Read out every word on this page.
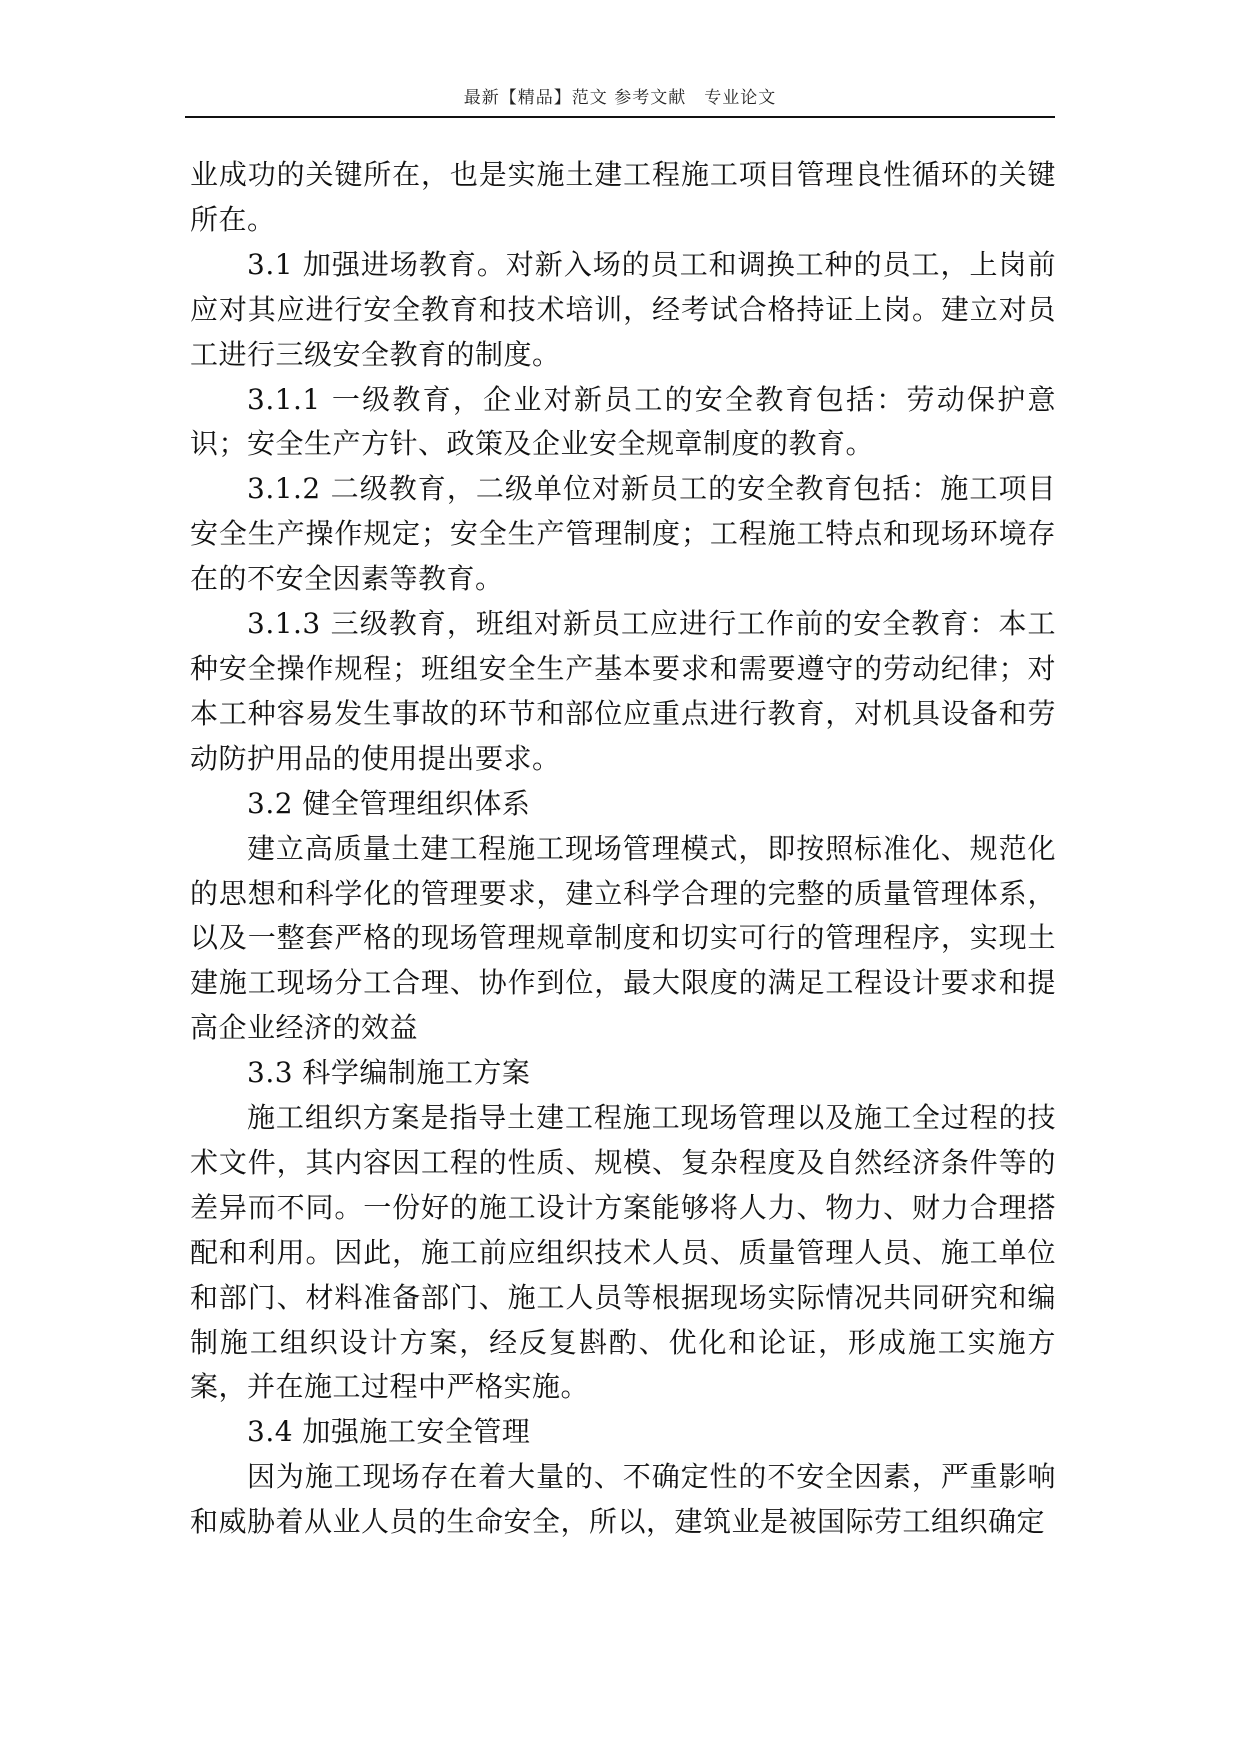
最新【精品】范文 参考文献　专业论文

业成功的关键所在，也是实施土建工程施工项目管理良性循环的关键所在。

3.1 加强进场教育。对新入场的员工和调换工种的员工，上岗前应对其应进行安全教育和技术培训，经考试合格持证上岗。建立对员工进行三级安全教育的制度。

3.1.1 一级教育，企业对新员工的安全教育包括：劳动保护意识；安全生产方针、政策及企业安全规章制度的教育。

3.1.2 二级教育，二级单位对新员工的安全教育包括：施工项目安全生产操作规定；安全生产管理制度；工程施工特点和现场环境存在的不安全因素等教育。

3.1.3 三级教育，班组对新员工应进行工作前的安全教育：本工种安全操作规程；班组安全生产基本要求和需要遵守的劳动纪律；对本工种容易发生事故的环节和部位应重点进行教育，对机具设备和劳动防护用品的使用提出要求。

3.2 健全管理组织体系

建立高质量土建工程施工现场管理模式，即按照标准化、规范化的思想和科学化的管理要求，建立科学合理的完整的质量管理体系，以及一整套严格的现场管理规章制度和切实可行的管理程序，实现土建施工现场分工合理、协作到位，最大限度的满足工程设计要求和提高企业经济的效益

3.3 科学编制施工方案

施工组织方案是指导土建工程施工现场管理以及施工全过程的技术文件，其内容因工程的性质、规模、复杂程度及自然经济条件等的差异而不同。一份好的施工设计方案能够将人力、物力、财力合理搭配和利用。因此，施工前应组织技术人员、质量管理人员、施工单位和部门、材料准备部门、施工人员等根据现场实际情况共同研究和编制施工组织设计方案，经反复斟酌、优化和论证，形成施工实施方案，并在施工过程中严格实施。

3.4 加强施工安全管理

因为施工现场存在着大量的、不确定性的不安全因素，严重影响和威胁着从业人员的生命安全，所以，建筑业是被国际劳工组织确定
